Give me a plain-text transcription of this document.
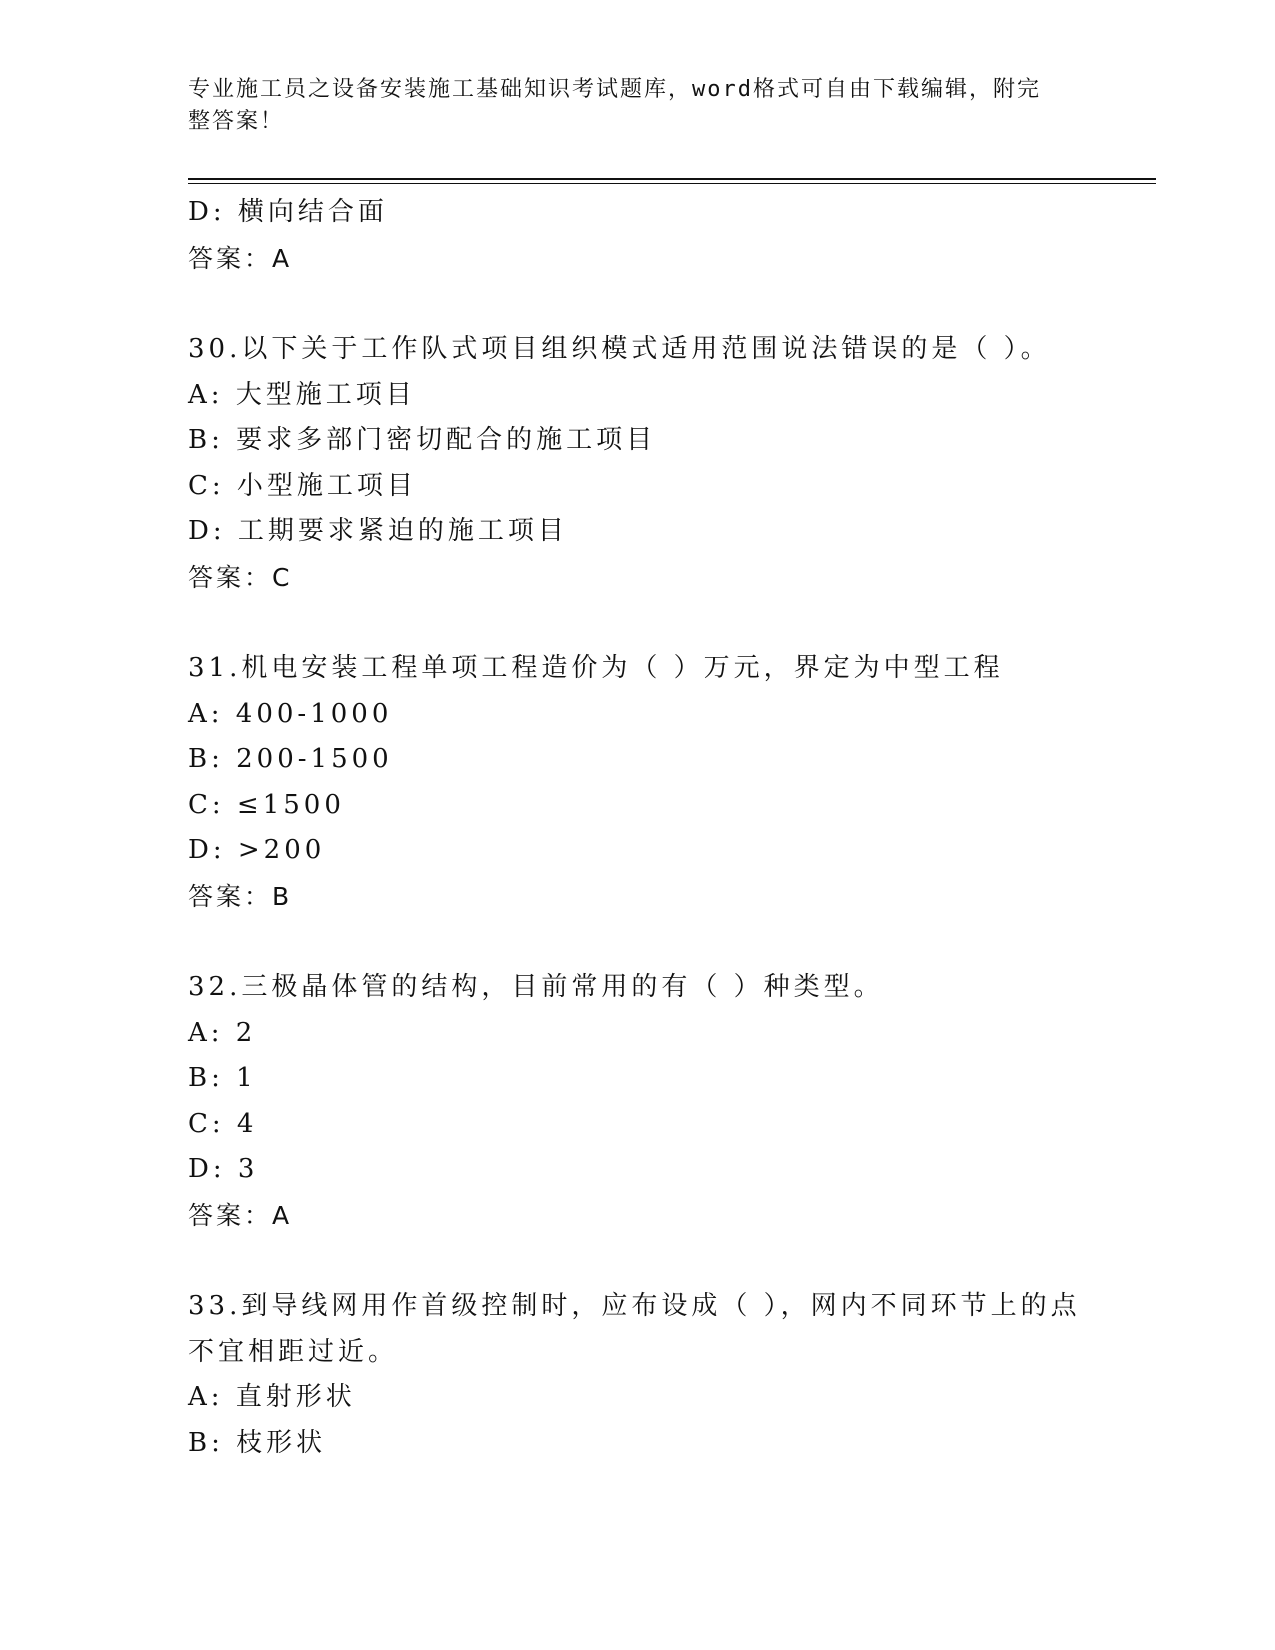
专业施工员之设备安装施工基础知识考试题库，word格式可自由下载编辑，附完
整答案！
D: 横向结合面
答案：A
30.以下关于工作队式项目组织模式适用范围说法错误的是（ ）。
A: 大型施工项目
B: 要求多部门密切配合的施工项目
C: 小型施工项目
D: 工期要求紧迫的施工项目
答案：C
31.机电安装工程单项工程造价为（ ）万元，界定为中型工程
A: 400-1000
B: 200-1500
C: ≤1500
D: >200
答案：B
32.三极晶体管的结构，目前常用的有（ ）种类型。
A: 2
B: 1
C: 4
D: 3
答案：A
33.到导线网用作首级控制时，应布设成（ ），网内不同环节上的点
不宜相距过近。
A: 直射形状
B: 枝形状
